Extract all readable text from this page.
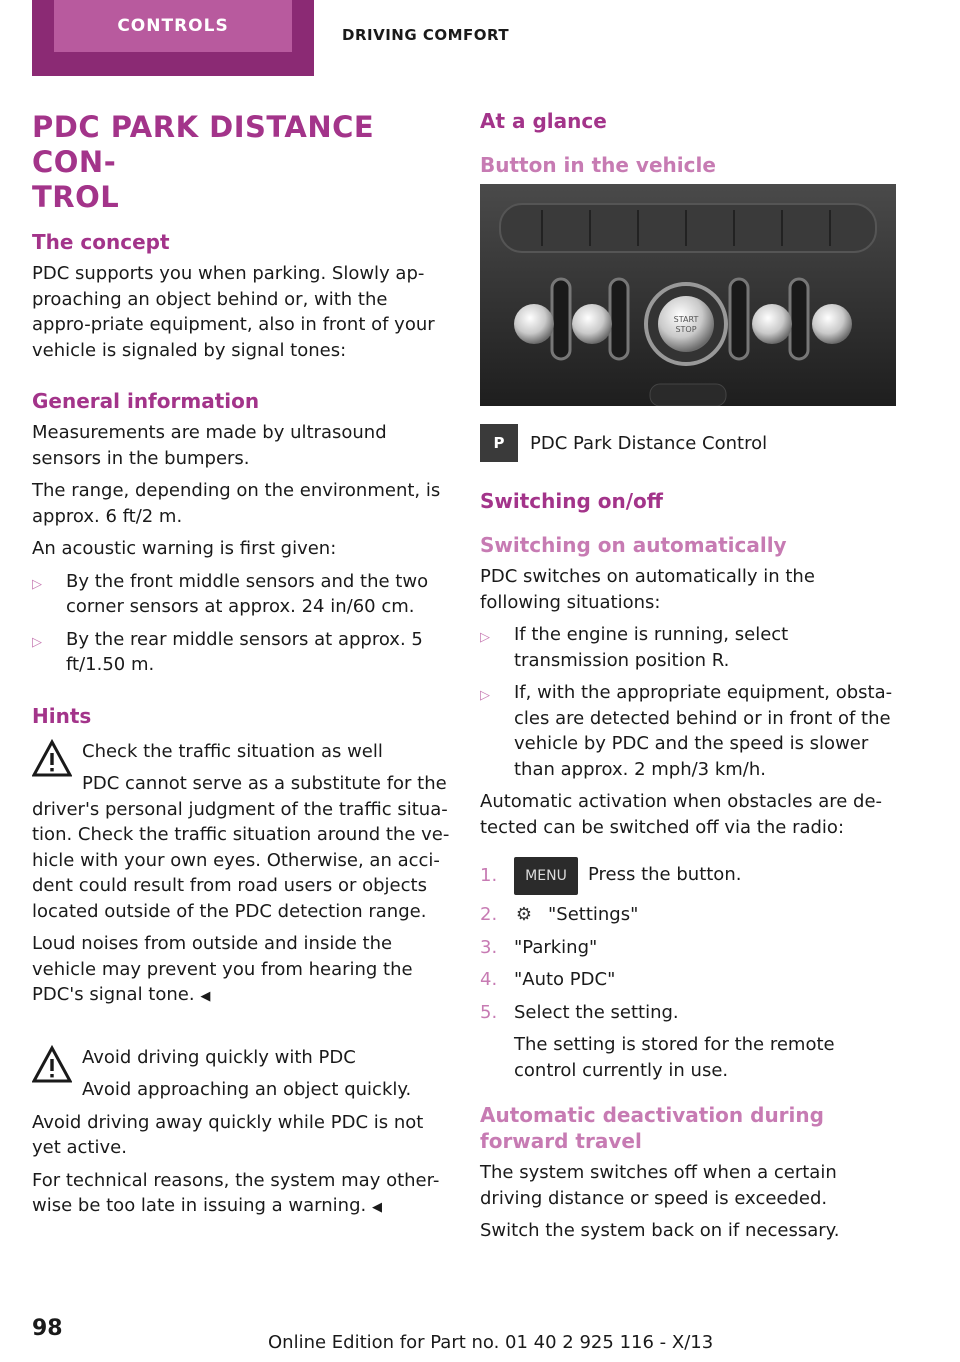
CONTROLS	DRIVING COMFORT
PDC PARK DISTANCE CON-
TROL
The concept

PDC supports you when parking. Slowly ap-proaching an object behind or, with the appro-priate equipment, also in front of your vehicle is signaled by signal tones:

General information

Measurements are made by ultrasound sensors in the bumpers.

The range, depending on the environment, is approx. 6 ft/2 m.

An acoustic warning is first given:

▷	By the front middle sensors and the two corner sensors at approx. 24 in/60 cm.
▷	By the rear middle sensors at approx. 5 ft/1.50 m.
Hints
Check the traffic situation as well

PDC cannot serve as a substitute for the driver's personal judgment of the traffic situa-tion. Check the traffic situation around the ve-hicle with your own eyes. Otherwise, an acci-dent could result from road users or objects located outside of the PDC detection range.

Loud noises from outside and inside the vehicle may prevent you from hearing the PDC's signal tone. ◀

Avoid driving quickly with PDC
Avoid approaching an object quickly.

Avoid driving away quickly while PDC is not yet active.

For technical reasons, the system may other-wise be too late in issuing a warning. ◀

At a glance
Button in the vehicle
START
STOP
P	PDC Park Distance Control
Switching on/off
Switching on automatically

PDC switches on automatically in the following situations:

▷	If the engine is running, select transmission position R.
▷	If, with the appropriate equipment, obsta-cles are detected behind or in front of the vehicle by PDC and the speed is slower than approx. 2 mph/3 km/h.

Automatic activation when obstacles are de-tected can be switched off via the radio:

1.	MENU Press the button.
2.	⚙ "Settings"
3. "Parking"
4. "Auto PDC"
5. Select the setting.

The setting is stored for the remote control currently in use.

Automatic deactivation during forward travel

The system switches off when a certain driving distance or speed is exceeded.

Switch the system back on if necessary.

98
Online Edition for Part no. 01 40 2 925 116 - X/13
